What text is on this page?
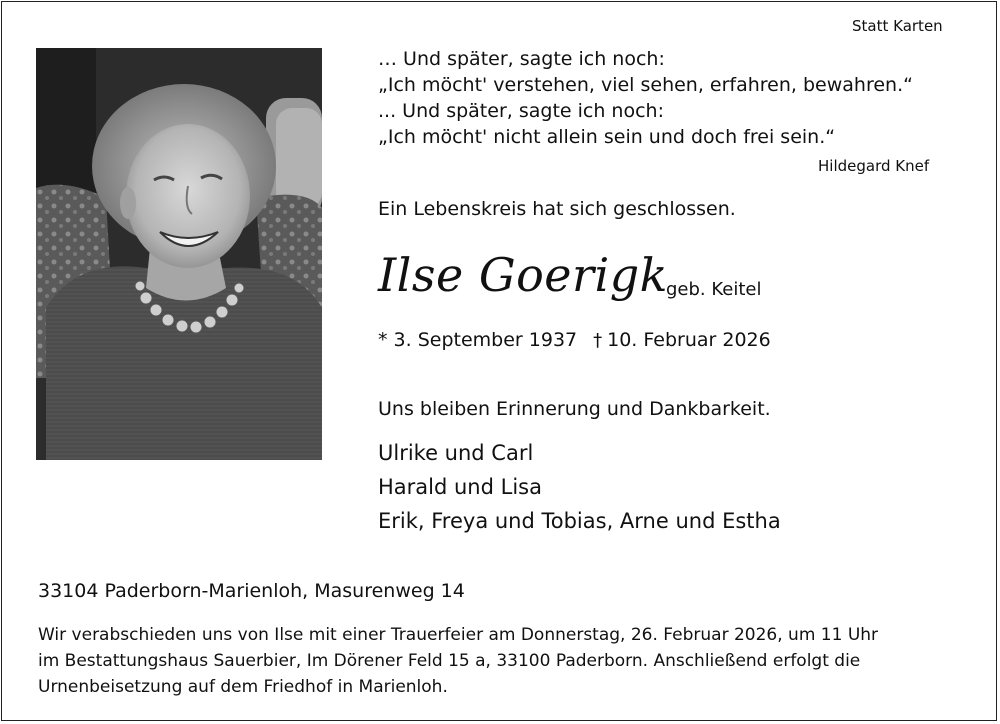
Statt Karten
… Und später, sagte ich noch:
„Ich möcht' verstehen, viel sehen, erfahren, bewahren.“
... Und später, sagte ich noch:
„Ich möcht' nicht allein sein und doch frei sein.“
Hildegard Knef
Ein Lebenskreis hat sich geschlossen.
Ilse Goerigk
geb. Keitel
* 3. September 1937 † 10. Februar 2026
Uns bleiben Erinnerung und Dankbarkeit.
Ulrike und Carl
Harald und Lisa
Erik, Freya und Tobias, Arne und Estha
33104 Paderborn-Marienloh, Masurenweg 14
Wir verabschieden uns von Ilse mit einer Trauerfeier am Donnerstag, 26. Februar 2026, um 11 Uhr
im Bestattungshaus Sauerbier, Im Dörener Feld 15 a, 33100 Paderborn. Anschließend erfolgt die
Urnenbeisetzung auf dem Friedhof in Marienloh.
